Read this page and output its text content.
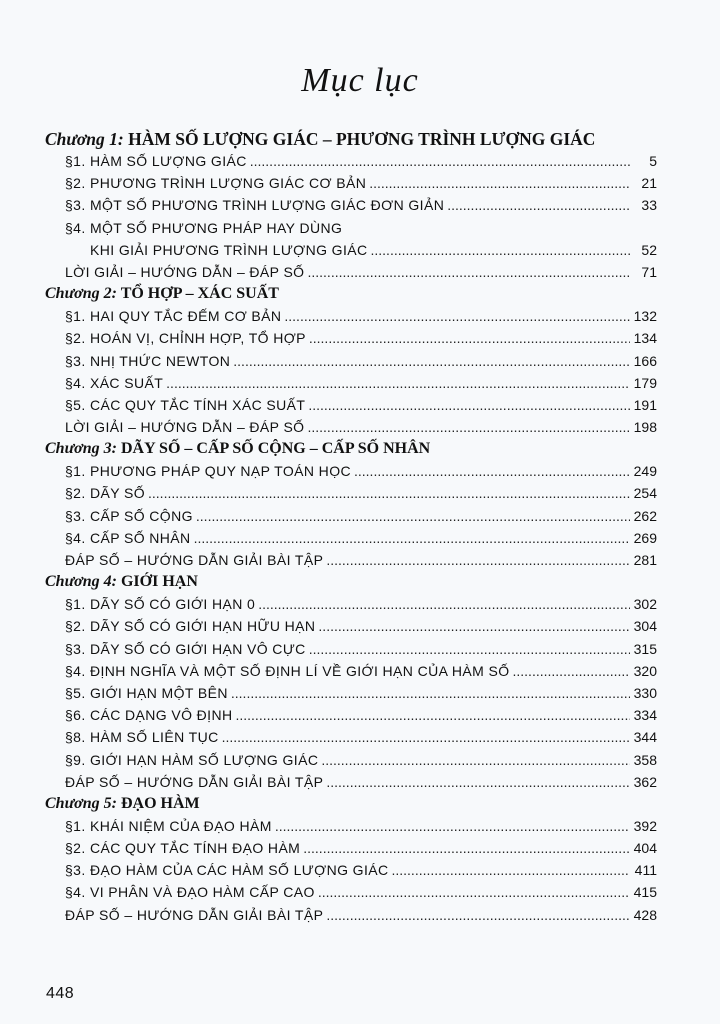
Mục lục
Chương 1: HÀM SỐ LƯỢNG GIÁC – PHƯƠNG TRÌNH LƯỢNG GIÁC
§1. HÀM SỐ LƯỢNG GIÁC .....	5
§2. PHƯƠNG TRÌNH LƯỢNG GIÁC CƠ BẢN .....	21
§3. MỘT SỐ PHƯƠNG TRÌNH LƯỢNG GIÁC ĐƠN GIẢN .....	33
§4. MỘT SỐ PHƯƠNG PHÁP HAY DÙNG
KHI GIẢI PHƯƠNG TRÌNH LƯỢNG GIÁC .....	52
LỜI GIẢI – HƯỚNG DẪN – ĐÁP SỐ .....	71
Chương 2: TỔ HỢP – XÁC SUẤT
§1. HAI QUY TẮC ĐẾM CƠ BẢN .....	132
§2. HOÁN VỊ, CHỈNH HỢP, TỔ HỢP .....	134
§3. NHỊ THỨC NEWTON .....	166
§4. XÁC SUẤT .....	179
§5. CÁC QUY TẮC TÍNH XÁC SUẤT .....	191
LỜI GIẢI – HƯỚNG DẪN – ĐÁP SỐ .....	198
Chương 3: DÃY SỐ – CẤP SỐ CỘNG – CẤP SỐ NHÂN
§1. PHƯƠNG PHÁP QUY NẠP TOÁN HỌC .....	249
§2. DÃY SỐ .....	254
§3. CẤP SỐ CỘNG .....	262
§4. CẤP SỐ NHÂN .....	269
ĐÁP SỐ – HƯỚNG DẪN GIẢI BÀI TẬP .....	281
Chương 4: GIỚI HẠN
§1. DÃY SỐ CÓ GIỚI HẠN 0 .....	302
§2. DÃY SỐ CÓ GIỚI HẠN HỮU HẠN .....	304
§3. DÃY SỐ CÓ GIỚI HẠN VÔ CỰC .....	315
§4. ĐỊNH NGHĨA VÀ MỘT SỐ ĐỊNH LÍ VỀ GIỚI HẠN CỦA HÀM SỐ .....	320
§5. GIỚI HẠN MỘT BÊN .....	330
§6. CÁC DẠNG VÔ ĐỊNH .....	334
§8. HÀM SỐ LIÊN TỤC .....	344
§9. GIỚI HẠN HÀM SỐ LƯỢNG GIÁC .....	358
ĐÁP SỐ – HƯỚNG DẪN GIẢI BÀI TẬP .....	362
Chương 5: ĐẠO HÀM
§1. KHÁI NIỆM CỦA ĐẠO HÀM .....	392
§2. CÁC QUY TẮC TÍNH ĐẠO HÀM .....	404
§3. ĐẠO HÀM CỦA CÁC HÀM SỐ LƯỢNG GIÁC .....	411
§4. VI PHÂN VÀ ĐẠO HÀM CẤP CAO .....	415
ĐÁP SỐ – HƯỚNG DẪN GIẢI BÀI TẬP .....	428
448
